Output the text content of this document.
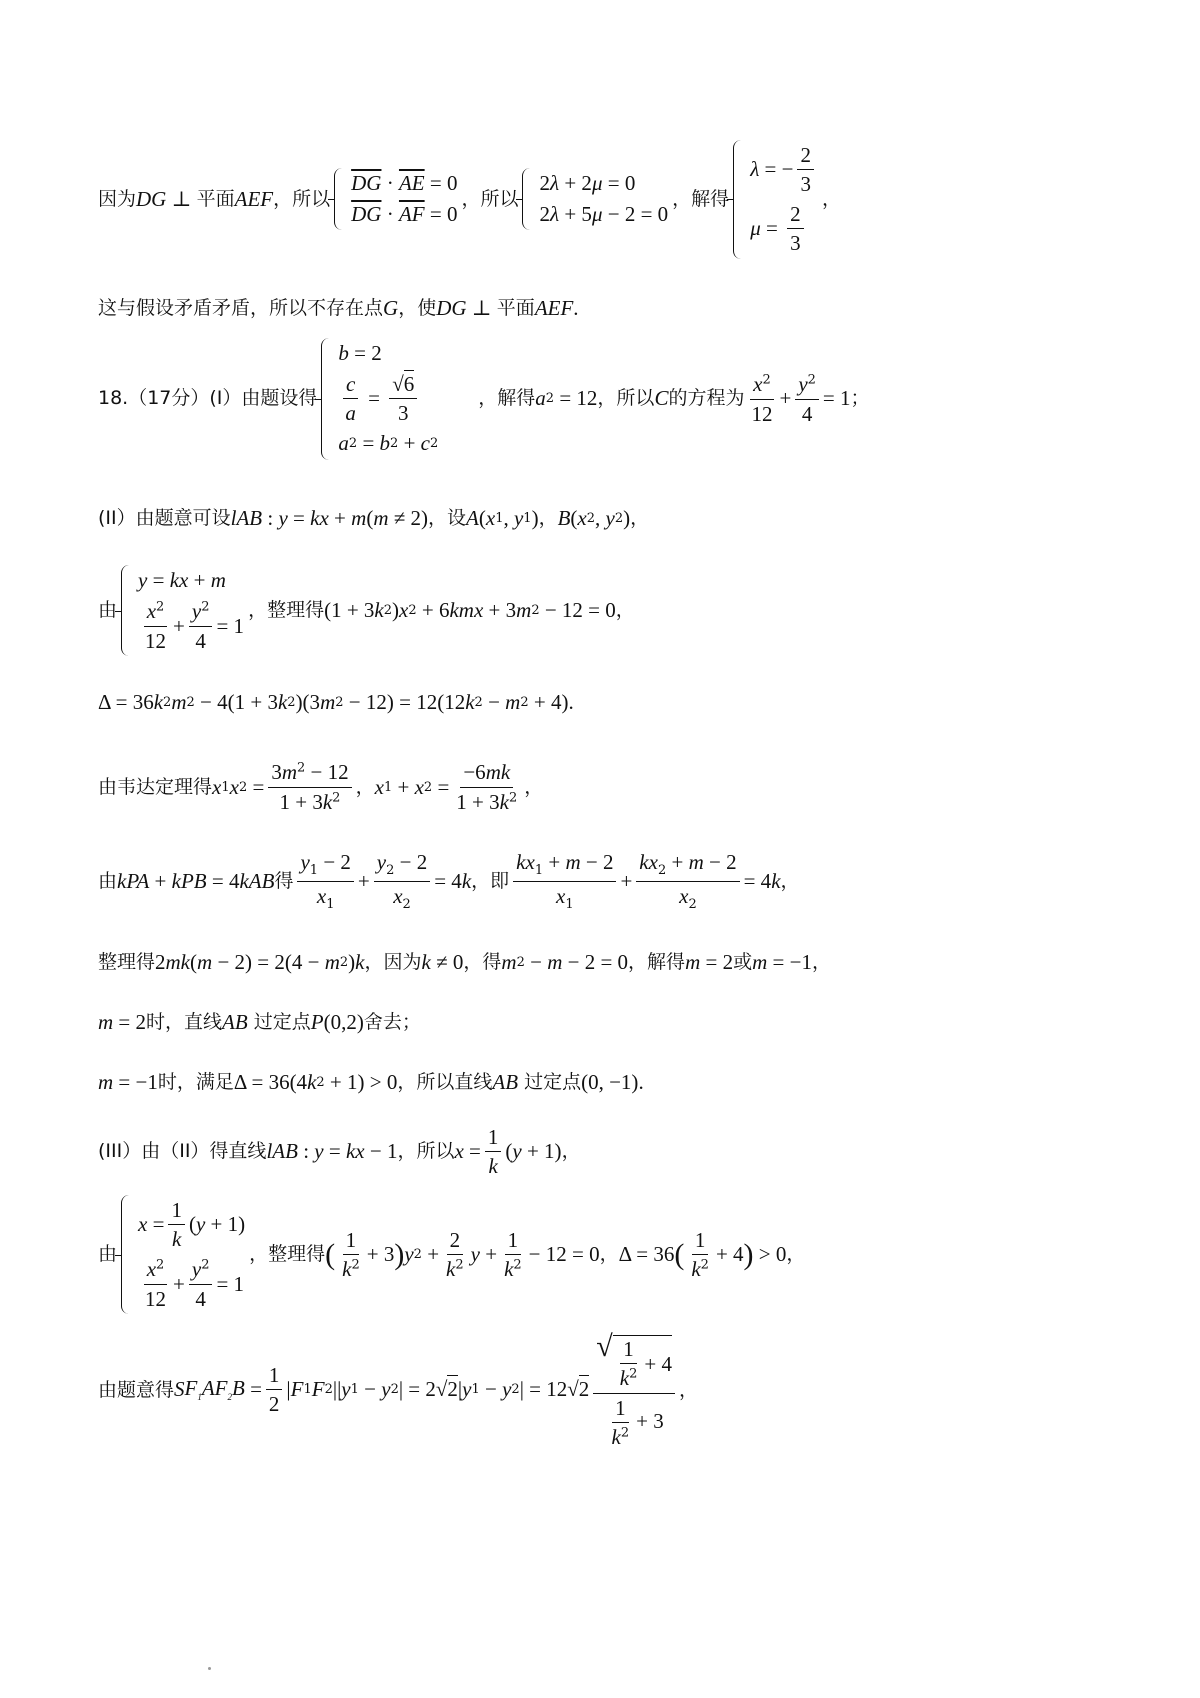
因为 DG ⊥ 平面 AEF ，所以
$\overline{DG} \cdot \overline{AE} = 0$
$\overline{DG} \cdot \overline{AF} = 0$
，所以
2 λ + 2 μ = 0
2 λ + 5 μ − 2 = 0
，解得
λ = − $\frac{2}{3}$
$\mu = \frac{2}{3}$
，
这与假设矛盾矛盾，所以不存在点 G ，使 DG ⊥ 平面 AEF .
18.（17分）(I）由题设得
b = 2
$\frac{c}{a} = \frac{√6}{3}$
a 2 = b 2 + c 2
，解得 a 2 = 12 ，所以 C 的方程为 $\frac{x^2}{12} + \frac{y^2}{4} = 1$ ；
(II）由题意可设 l AB : y = kx + m ( m ≠ 2) ，设 A ( x 1 , y 1 ) ， B ( x 2 , y 2 ) ，
由
y = kx + m
$\frac{x^2}{12} + \frac{y^2}{4} = 1$
，整理得 (1 + 3 k 2 ) x 2 + 6 kmx + 3 m 2 − 12 = 0 ，
Δ = 36 k 2 m 2 − 4(1 + 3 k 2 )(3 m 2 − 12) = 12(12 k 2 − m 2 + 4) .
由韦达定理得 x 1 x $2 = \frac{3m^2 - 12}{1 + 3k^2}$ ， x 1 + x $2 = \frac{-6mk}{1 + 3k^2}$ ，
由 k PA + k PB = 4 k AB 得 $\frac{y_1 - 2}{x_1} + \frac{y_2 - 2}{x_2} = 4$ k ，即 $\frac{kx_1 + m - 2}{x_1} + \frac{kx_2 + m - 2}{x_2} = 4$ k ，
整理得 2 mk ( m − 2) = 2(4 − m 2 ) k ，因为 k ≠ 0 ，得 m 2 − m − 2 = 0 ，解得 m = 2 或 m = −1 ，
m = 2 时，直线 AB
过定点 P (0,2) 舍去；
m = −1 时，满足 Δ = 36(4 k 2 + 1) > 0 ，所以直线 AB
过定点 (0, −1) .
(III）由（II）得直线 l AB : y = kx − 1 ，所以 $x = \frac{1}{k}$ ( y + 1) ，
由
$x = \frac{1}{k}$ ( y + 1)
$\frac{x^2}{12} + \frac{y^2}{4} = 1$
，整理得 ( $\frac{1}{k^2} + 3$ ) y $2 + \frac{2}{k^2}$ $y + \frac{1}{k^2} - 12 = 0$ ， Δ = 36 ( $\frac{1}{k^2} + 4$ ) > 0 ，
由题意得 S $F_1AF_2B = \frac{1}{2}$ | F 1 F 2 || y 1 − y 2 | = 2√2| y 1 − y 2 | = $12√2 \frac{√ \frac{1}{k^2} + 4}{\frac{1}{k^2} + 3}$ ，
